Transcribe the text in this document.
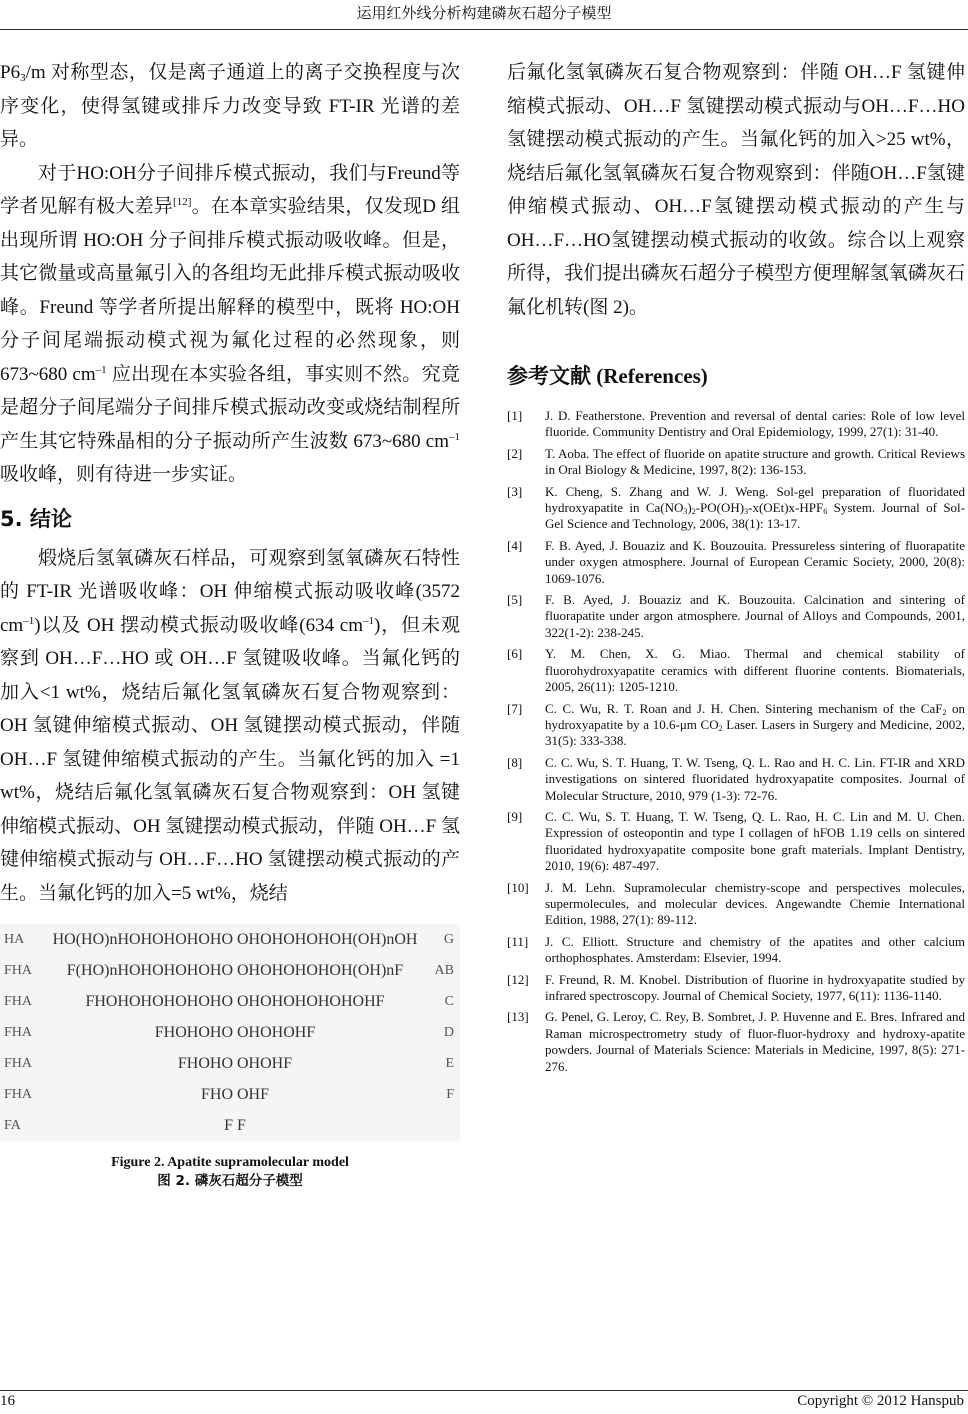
运用红外线分析构建磷灰石超分子模型

$P6_3/m$ 对称型态，仅是离子通道上的离子交换程度与次序变化，使得氢键或排斥力改变导致 FT-IR 光谱的差异。

对于HO:OH分子间排斥模式振动，我们与Freund等学者见解有极大差异[12]。在本章实验结果，仅发现D 组出现所谓 HO:OH 分子间排斥模式振动吸收峰。但是，其它微量或高量氟引入的各组均无此排斥模式振动吸收峰。Freund 等学者所提出解释的模型中，既将 HO:OH 分子间尾端振动模式视为氟化过程的必然现象，则 673~680 $cm^{-1}$ 应出现在本实验各组，事实则不然。究竟是超分子间尾端分子间排斥模式振动改变或烧结制程所产生其它特殊晶相的分子振动所产生波数 673~680 $cm^{-1}$ 吸收峰，则有待进一步实证。

5. 结论

煅烧后氢氧磷灰石样品，可观察到氢氧磷灰石特性的 FT-IR 光谱吸收峰：OH 伸缩模式振动吸收峰(3572 $cm^{-1}$)以及 OH 摆动模式振动吸收峰(634 $cm^{-1}$)，但未观察到 OH…F…HO 或 OH…F 氢键吸收峰。当氟化钙的加入<1 wt%，烧结后氟化氢氧磷灰石复合物观察到：OH 氢键伸缩模式振动、OH 氢键摆动模式振动，伴随 OH…F 氢键伸缩模式振动的产生。当氟化钙的加入 =1 wt%，烧结后氟化氢氧磷灰石复合物观察到：OH 氢键伸缩模式振动、OH 氢键摆动模式振动，伴随 OH…F 氢键伸缩模式振动与 OH…F…HO 氢键摆动模式振动的产生。当氟化钙的加入=5 wt%，烧结

HA	HO(HO)nHOHOHOHOHO OHOHOHOHOH(OH)nOH	G
FHA	F(HO)nHOHOHOHOHO OHOHOHOHOH(OH)nF	AB
FHA	FHOHOHOHOHOHO OHOHOHOHOHOHF	C
FHA	FHOHOHO OHOHOHF	D
FHA	FHOHO OHOHF	E
FHA	FHO OHF	F
FA	F F
Figure 2. Apatite supramolecular model
图 2. 磷灰石超分子模型

后氟化氢氧磷灰石复合物观察到：伴随 OH…F 氢键伸缩模式振动、OH…F 氢键摆动模式振动与OH…F…HO 氢键摆动模式振动的产生。当氟化钙的加入>25 wt%，烧结后氟化氢氧磷灰石复合物观察到：伴随OH…F氢键伸缩模式振动、OH…F氢键摆动模式振动的产生与OH…F…HO氢键摆动模式振动的收敛。综合以上观察所得，我们提出磷灰石超分子模型方便理解氢氧磷灰石氟化机转(图 2)。

参考文献 (References)
[1]	J. D. Featherstone. Prevention and reversal of dental caries: Role of low level fluoride. Community Dentistry and Oral Epidemiology, 1999, 27(1): 31-40.
[2]	T. Aoba. The effect of fluoride on apatite structure and growth. Critical Reviews in Oral Biology & Medicine, 1997, 8(2): 136-153.
[3]	K. Cheng, S. Zhang and W. J. Weng. Sol-gel preparation of fluoridated hydroxyapatite in $Ca(NO_3)_2-PO(OH)_3-x(OEt)x-HPF_6$ System. Journal of Sol-Gel Science and Technology, 2006, 38(1): 13-17.
[4]	F. B. Ayed, J. Bouaziz and K. Bouzouita. Pressureless sintering of fluorapatite under oxygen atmosphere. Journal of European Ceramic Society, 2000, 20(8): 1069-1076.
[5]	F. B. Ayed, J. Bouaziz and K. Bouzouita. Calcination and sintering of fluorapatite under argon atmosphere. Journal of Alloys and Compounds, 2001, 322(1-2): 238-245.
[6]	Y. M. Chen, X. G. Miao. Thermal and chemical stability of fluorohydroxyapatite ceramics with different fluorine contents. Biomaterials, 2005, 26(11): 1205-1210.
[7]	C. C. Wu, R. T. Roan and J. H. Chen. Sintering mechanism of the CaF$_2$ on hydroxyapatite by a 10.6-μm $CO_2$ Laser. Lasers in Surgery and Medicine, 2002, 31(5): 333-338.
[8]	C. C. Wu, S. T. Huang, T. W. Tseng, Q. L. Rao and H. C. Lin. FT-IR and XRD investigations on sintered fluoridated hydroxyapatite composites. Journal of Molecular Structure, 2010, 979 (1-3): 72-76.
[9]	C. C. Wu, S. T. Huang, T. W. Tseng, Q. L. Rao, H. C. Lin and M. U. Chen. Expression of osteopontin and type I collagen of hFOB 1.19 cells on sintered fluoridated hydroxyapatite composite bone graft materials. Implant Dentistry, 2010, 19(6): 487-497.
[10]	J. M. Lehn. Supramolecular chemistry-scope and perspectives molecules, supermolecules, and molecular devices. Angewandte Chemie International Edition, 1988, 27(1): 89-112.
[11]	J. C. Elliott. Structure and chemistry of the apatites and other calcium orthophosphates. Amsterdam: Elsevier, 1994.
[12]	F. Freund, R. M. Knobel. Distribution of fluorine in hydroxyapatite studied by infrared spectroscopy. Journal of Chemical Society, 1977, 6(11): 1136-1140.
[13]	G. Penel, G. Leroy, C. Rey, B. Sombret, J. P. Huvenne and E. Bres. Infrared and Raman microspectrometry study of fluor-fluor-hydroxy and hydroxy-apatite powders. Journal of Materials Science: Materials in Medicine, 1997, 8(5): 271-276.
16	Copyright © 2012 Hanspub
